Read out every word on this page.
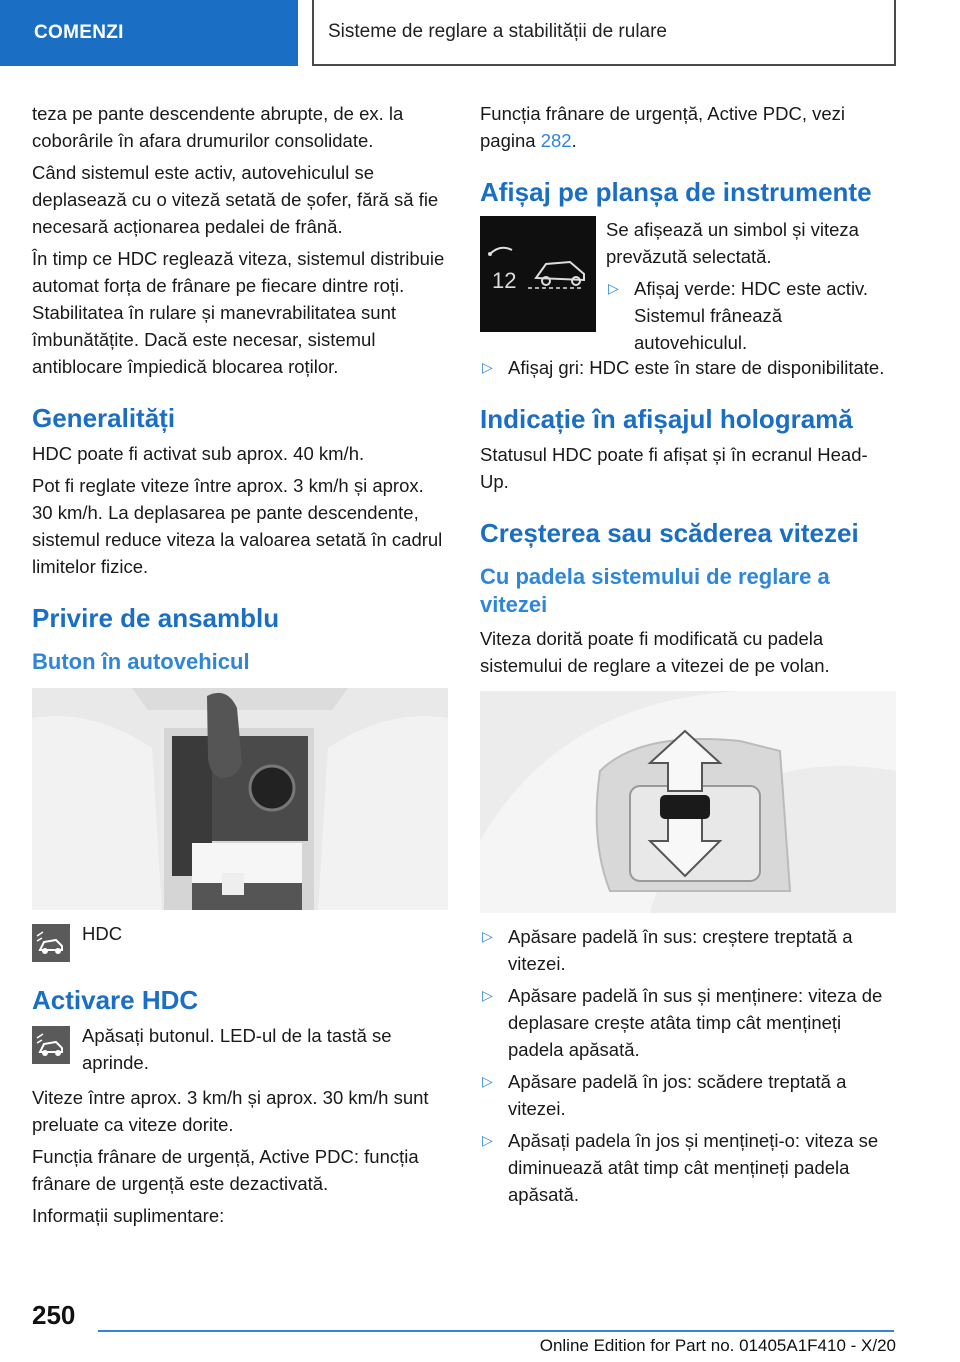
COMENZI	Sisteme de reglare a stabilității de rulare

teza pe pante descendente abrupte, de ex. la coborârile în afara drumurilor consolidate.

Când sistemul este activ, autovehiculul se deplasează cu o viteză setată de șofer, fără să fie necesară acționarea pedalei de frână.

În timp ce HDC reglează viteza, sistemul distribuie automat forța de frânare pe fiecare dintre roți. Stabilitatea în rulare și manevrabilitatea sunt îmbunătățite. Dacă este necesar, sistemul antiblocare împiedică blocarea roților.

Generalități

HDC poate fi activat sub aprox. 40 km/h.

Pot fi reglate viteze între aprox. 3 km/h și aprox. 30 km/h. La deplasarea pe pante descendente, sistemul reduce viteza la valoarea setată în cadrul limitelor fizice.

Privire de ansamblu
Buton în autovehicul
HDC
Activare HDC
Apăsați butonul. LED-ul de la tastă se aprinde.

Viteze între aprox. 3 km/h și aprox. 30 km/h sunt preluate ca viteze dorite.

Funcția frânare de urgență, Active PDC: funcția frânare de urgență este dezactivată.

Informații suplimentare:

Funcția frânare de urgență, Active PDC, vezi pagina 282.

Afișaj pe planșa de instrumente
12

Se afișează un simbol și viteza prevăzută selectată.

▷ Afișaj verde: HDC este activ. Sistemul frânează autovehiculul.
▷ Afișaj gri: HDC este în stare de disponibilitate.
Indicație în afișajul hologramă

Statusul HDC poate fi afișat și în ecranul Head-Up.

Creșterea sau scăderea vitezei
Cu padela sistemului de reglare a vitezei

Viteza dorită poate fi modificată cu padela sistemului de reglare a vitezei de pe volan.

▷ Apăsare padelă în sus: creștere treptată a vitezei.
▷ Apăsare padelă în sus și menținere: viteza de deplasare crește atâta timp cât mențineți padela apăsată.
▷ Apăsare padelă în jos: scădere treptată a vitezei.
▷ Apăsați padela în jos și mențineți-o: viteza se diminuează atât timp cât mențineți padela apăsată.
250
Online Edition for Part no. 01405A1F410 - X/20
